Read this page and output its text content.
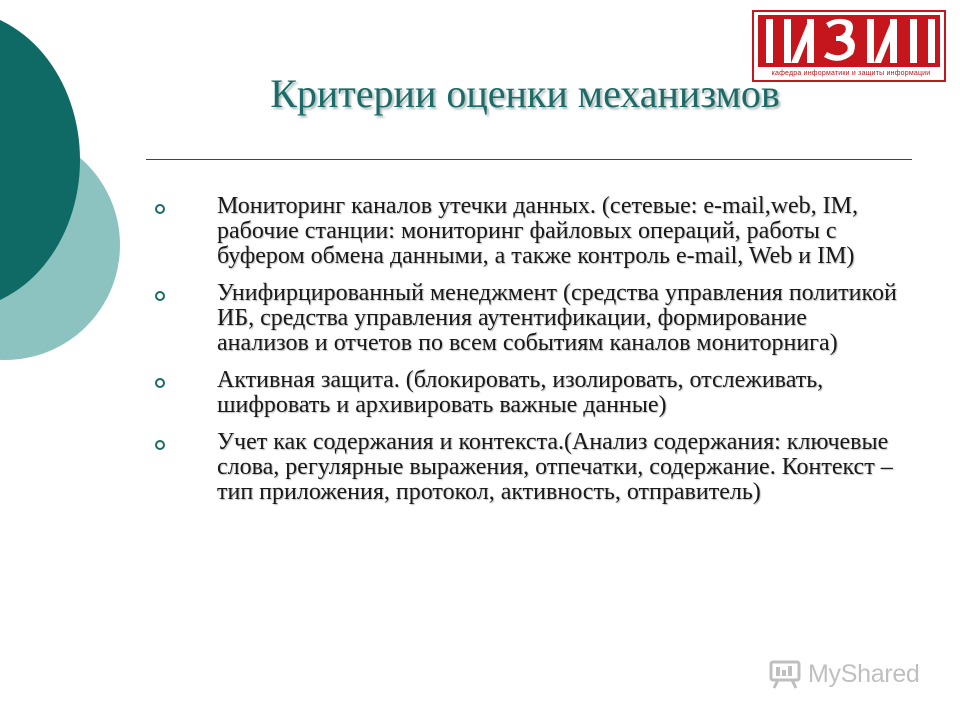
кафедра информатики и защиты информации
Критерии оценки механизмов
Мониторинг каналов утечки данных. (сетевые: e-mail,web, IM, рабочие станции: мониторинг файловых операций, работы с буфером обмена данными, а также контроль e-mail, Web и IM)
Унифирцированный менеджмент (средства управления политикой ИБ, средства управления аутентификации, формирование анализов и отчетов по всем событиям каналов мониторнига)
Активная защита. (блокировать, изолировать, отслеживать, шифровать и архивировать важные данные)
Учет как содержания и контекста.(Анализ содержания: ключевые слова, регулярные выражения, отпечатки, содержание. Контекст – тип приложения, протокол, активность, отправитель)
MyShared
